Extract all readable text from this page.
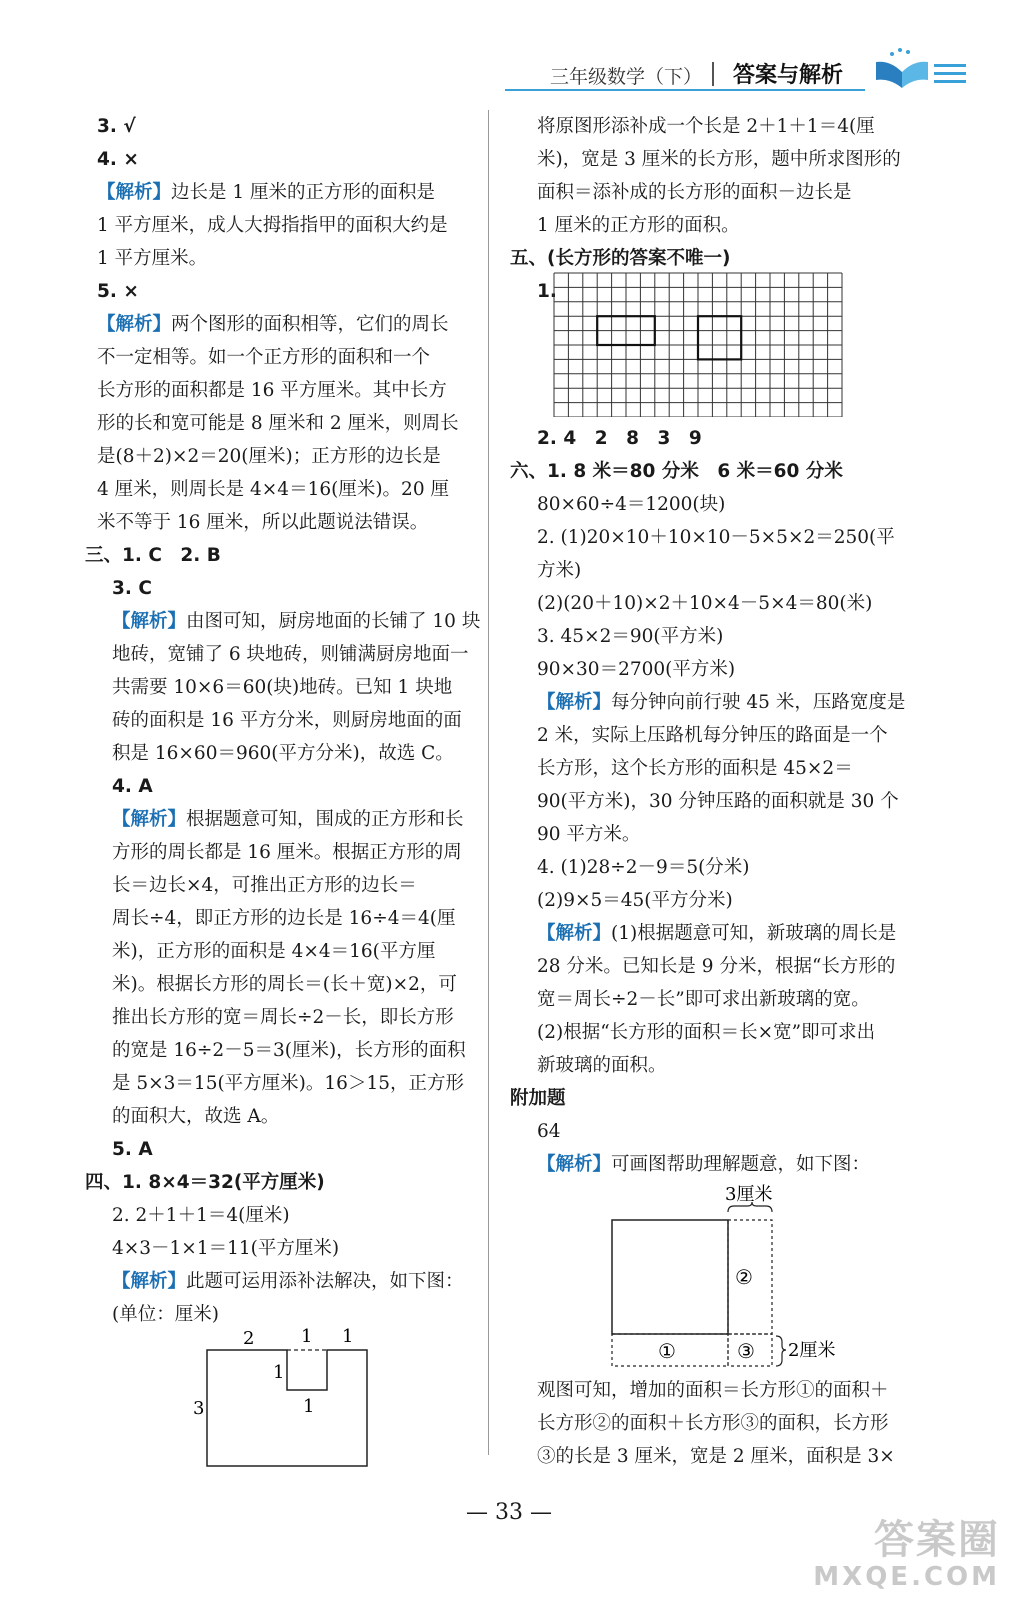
三年级数学（下） 答案与解析
3. √
4. ×
【解析】边长是 1 厘米的正方形的面积是
1 平方厘米，成人大拇指指甲的面积大约是
1 平方厘米。
5. ×
【解析】两个图形的面积相等，它们的周长
不一定相等。如一个正方形的面积和一个
长方形的面积都是 16 平方厘米。其中长方
形的长和宽可能是 8 厘米和 2 厘米，则周长
是(8＋2)×2＝20(厘米)；正方形的边长是
4 厘米，则周长是 4×4＝16(厘米)。20 厘
米不等于 16 厘米，所以此题说法错误。
三、1. C　2. B
3. C
【解析】由图可知，厨房地面的长铺了 10 块
地砖，宽铺了 6 块地砖，则铺满厨房地面一
共需要 10×6＝60(块)地砖。已知 1 块地
砖的面积是 16 平方分米，则厨房地面的面
积是 16×60＝960(平方分米)，故选 C。
4. A
【解析】根据题意可知，围成的正方形和长
方形的周长都是 16 厘米。根据正方形的周
长＝边长×4，可推出正方形的边长＝
周长÷4，即正方形的边长是 16÷4＝4(厘
米)，正方形的面积是 4×4＝16(平方厘
米)。根据长方形的周长＝(长＋宽)×2，可
推出长方形的宽＝周长÷2－长，即长方形
的宽是 16÷2－5＝3(厘米)，长方形的面积
是 5×3＝15(平方厘米)。16＞15，正方形
的面积大，故选 A。
5. A
四、1. 8×4＝32(平方厘米)
2. 2＋1＋1＝4(厘米)
4×3－1×1＝11(平方厘米)
【解析】此题可运用添补法解决，如下图：
(单位：厘米)
2	1 1
1
1
3
将原图形添补成一个长是 2＋1＋1＝4(厘
米)，宽是 3 厘米的长方形，题中所求图形的
面积＝添补成的长方形的面积－边长是
1 厘米的正方形的面积。
五、(长方形的答案不唯一)
1.
2. 4　2　8　3　9
六、1. 8 米＝80 分米　6 米＝60 分米
80×60÷4＝1200(块)
2. (1)20×10＋10×10－5×5×2＝250(平
方米)
(2)(20＋10)×2＋10×4－5×4＝80(米)
3. 45×2＝90(平方米)
90×30＝2700(平方米)
【解析】每分钟向前行驶 45 米，压路宽度是
2 米，实际上压路机每分钟压的路面是一个
长方形，这个长方形的面积是 45×2＝
90(平方米)，30 分钟压路的面积就是 30 个
90 平方米。
4. (1)28÷2－9＝5(分米)
(2)9×5＝45(平方分米)
【解析】(1)根据题意可知，新玻璃的周长是
28 分米。已知长是 9 分米，根据“长方形的
宽＝周长÷2－长”即可求出新玻璃的宽。
(2)根据“长方形的面积＝长×宽”即可求出
新玻璃的面积。
附加题
64
【解析】可画图帮助理解题意，如下图：
3厘米
②
①	③ 2厘米
观图可知，增加的面积＝长方形①的面积＋
长方形②的面积＋长方形③的面积，长方形
③的长是 3 厘米，宽是 2 厘米，面积是 3×
— 33 —
答案圈
MXQE.COM
